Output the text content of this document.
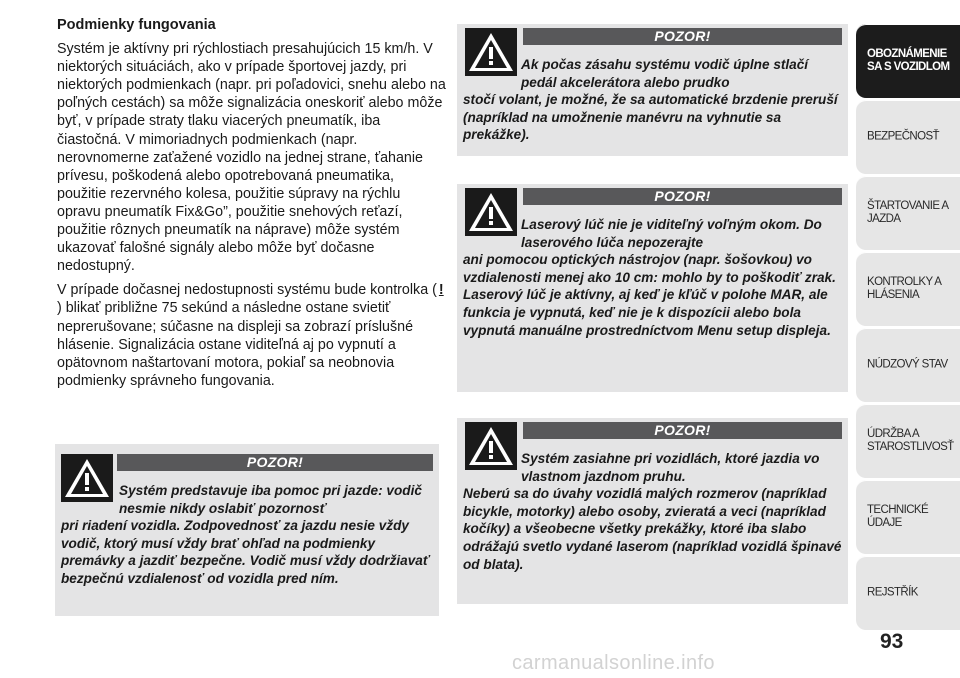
Podmienky fungovania

Systém je aktívny pri rýchlostiach presahujúcich 15 km/h. V niektorých situáciách, ako v prípade športovej jazdy, pri niektorých podmienkach (napr. pri poľadovici, snehu alebo na poľných cestách) sa môže signalizácia oneskoriť alebo môže byť, v prípade straty tlaku viacerých pneumatík, iba čiastočná. V mimoriadnych podmienkach (napr. nerovnomerne zaťažené vozidlo na jednej strane, ťahanie prívesu, poškodená alebo opotrebovaná pneumatika, použitie rezervného kolesa, použitie súpravy na rýchlu opravu pneumatík Fix&Go”, použitie snehových reťazí, použitie rôznych pneumatík na nápravе) môže systém ukazovať falošné signály alebo môže byť dočasne nedostupný.

V prípade dočasnej nedostupnosti systému bude kontrolka ( !) blikať približne 75 sekúnd a následne ostane svietiť neprerušovane; súčasne na displeji sa zobrazí príslušné hlásenie. Signalizácia ostane viditeľná aj po vypnutí a opätovnom naštartovaní motora, pokiaľ sa neobnovia podmienky správneho fungovania.

POZOR!
Systém predstavuje iba pomoc pri jazde: vodič nesmie nikdy oslabiť pozornosť
pri riadení vozidla. Zodpovednosť za jazdu nesie vždy vodič, ktorý musí vždy brať ohľad na podmienky premávky a jazdiť bezpečne. Vodič musí vždy dodržiavať bezpečnú vzdialenosť od vozidla pred ním.
POZOR!
Ak počas zásahu systému vodič úplne stlačí pedál akcelerátora alebo prudko
stočí volant, je možné, že sa automatické brzdenie preruší (napríklad na umožnenie manévru na vyhnutie sa prekážke).
POZOR!
Laserový lúč nie je viditeľný voľným okom. Do laserového lúča nepozerajte
ani pomocou optických nástrojov (napr. šošovkou) vo vzdialenosti menej ako 10 cm: mohlo by to poškodiť zrak. Laserový lúč je aktívny, aj keď je kľúč v polohe MAR, ale funkcia je vypnutá, keď nie je k dispozícii alebo bola vypnutá manuálne prostredníctvom Menu setup displeja.
POZOR!
Systém zasiahne pri vozidlách, ktoré jazdia vo vlastnom jazdnom pruhu.
Neberú sa do úvahy vozidlá malých rozmerov (napríklad bicykle, motorky) alebo osoby, zvieratá a veci (napríklad kočíky) a všeobecne všetky prekážky, ktoré iba slabo odrážajú svetlo vydané laserom (napríklad vozidlá špinavé od blata).
OBOZNÁMENIE
SA S VOZIDLOM
BEZPEČNOSŤ
ŠTARTOVANIE A
JAZDA
KONTROLKY A
HLÁSENIA
NÚDZOVÝ STAV
ÚDRŽBA A
STAROSTLIVOSŤ
TECHNICKÉ ÚDAJE
REJSTŘÍK
93
carmanualsonline.info
